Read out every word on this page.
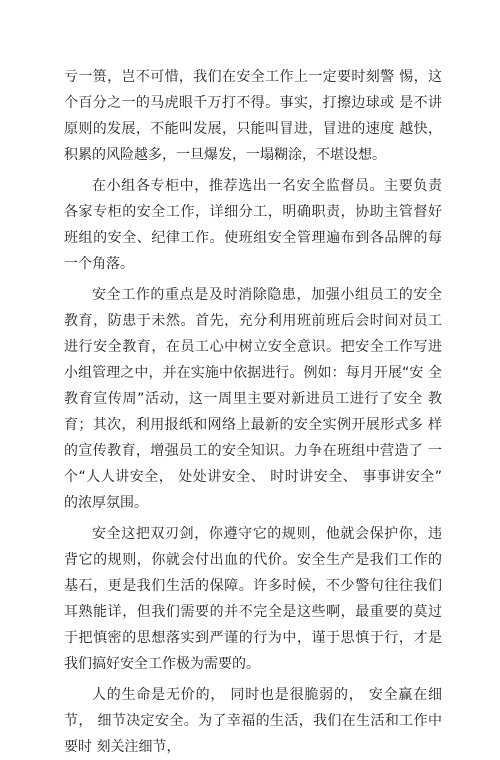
亏一篑，岂不可惜，我们在安全工作上一定要时刻警 惕，这个百分之一的马虎眼千万打不得。事实，打擦边球或 是不讲原则的发展，不能叫发展，只能叫冒进，冒进的速度 越快，积累的风险越多，一旦爆发，一塌糊涂，不堪设想。

在小组各专柜中，推荐选出一名安全监督员。主要负责 各家专柜的安全工作，详细分工，明确职责，协助主管督好 班组的安全、纪律工作。使班组安全管理遍布到各品牌的每 一个角落。

安全工作的重点是及时消除隐患，加强小组员工的安全 教育，防患于未然。首先，充分利用班前班后会时间对员工 进行安全教育，在员工心中树立安全意识。把安全工作写进 小组管理之中，并在实施中依据进行。例如：每月开展“安 全教育宣传周”活动，这一周里主要对新进员工进行了安全 教育；其次，利用报纸和网络上最新的安全实例开展形式多 样的宣传教育，增强员工的安全知识。力争在班组中营造了 一个“人人讲安全， 处处讲安全、 时时讲安全、 事事讲安全” 的浓厚氛围。

安全这把双刃剑，你遵守它的规则，他就会保护你，违 背它的规则，你就会付出血的代价。安全生产是我们工作的 基石，更是我们生活的保障。许多时候，不少警句往往我们 耳熟能详，但我们需要的并不完全是这些啊，最重要的莫过 于把慎密的思想落实到严谨的行为中，谨于思慎于行，才是 我们搞好安全工作极为需要的。

人的生命是无价的， 同时也是很脆弱的， 安全赢在细节， 细节决定安全。为了幸福的生活，我们在生活和工作中要时 刻关注细节，
